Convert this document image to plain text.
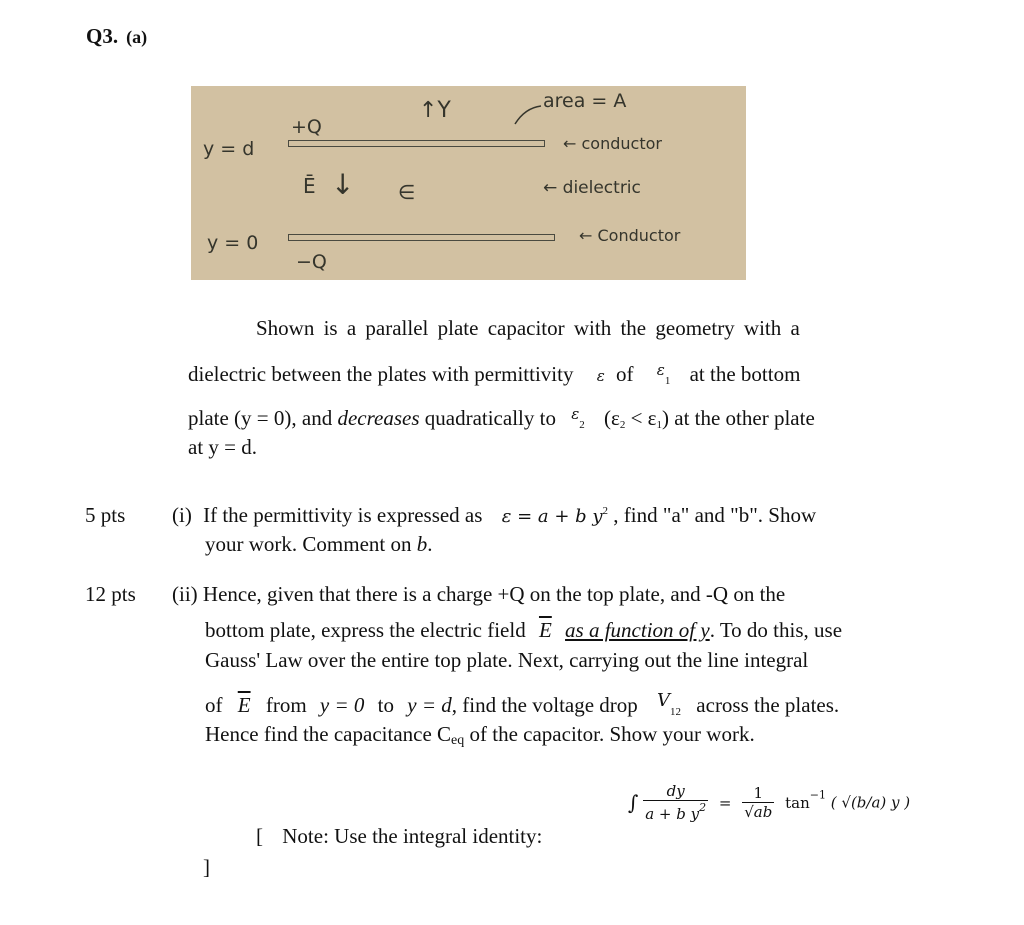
Q3. (a)
+Q
↑Y	area = A
y = d	← conductor
Ē ↓ ∈	← dielectric
y = 0	← Conductor
−Q
Shown is a parallel plate capacitor with the geometry with a
dielectric between the plates with permittivity ε of $^\varepsilon_1$ at the bottom
plate (y = 0), and decreases quadratically to $^\varepsilon_2$ $(\varepsilon_2 < \varepsilon_1)$ at the other plate
at y = d.
5 pts (i) If the permittivity is expressed as ε = a + b $y^2$ , find "a" and "b". Show
your work. Comment on b.
12 pts (ii) Hence, given that there is a charge +Q on the top plate, and -Q on the
bottom plate, express the electric field $\overline{E}$ as a function of y. To do this, use
Gauss' Law over the entire top plate. Next, carrying out the line integral
of $\overline{E}$ from y = 0 to y = d, find the voltage drop $V_{12}$ across the plates.
Hence find the capacitance $C_{eq}$ of the capacitor. Show your work.
[ Note: Use the integral identity:
]
∫ $\frac{dy}{a + b y^2} = \frac{1}{√ab} \tan^{-1}$ ( √(b/a) y )
